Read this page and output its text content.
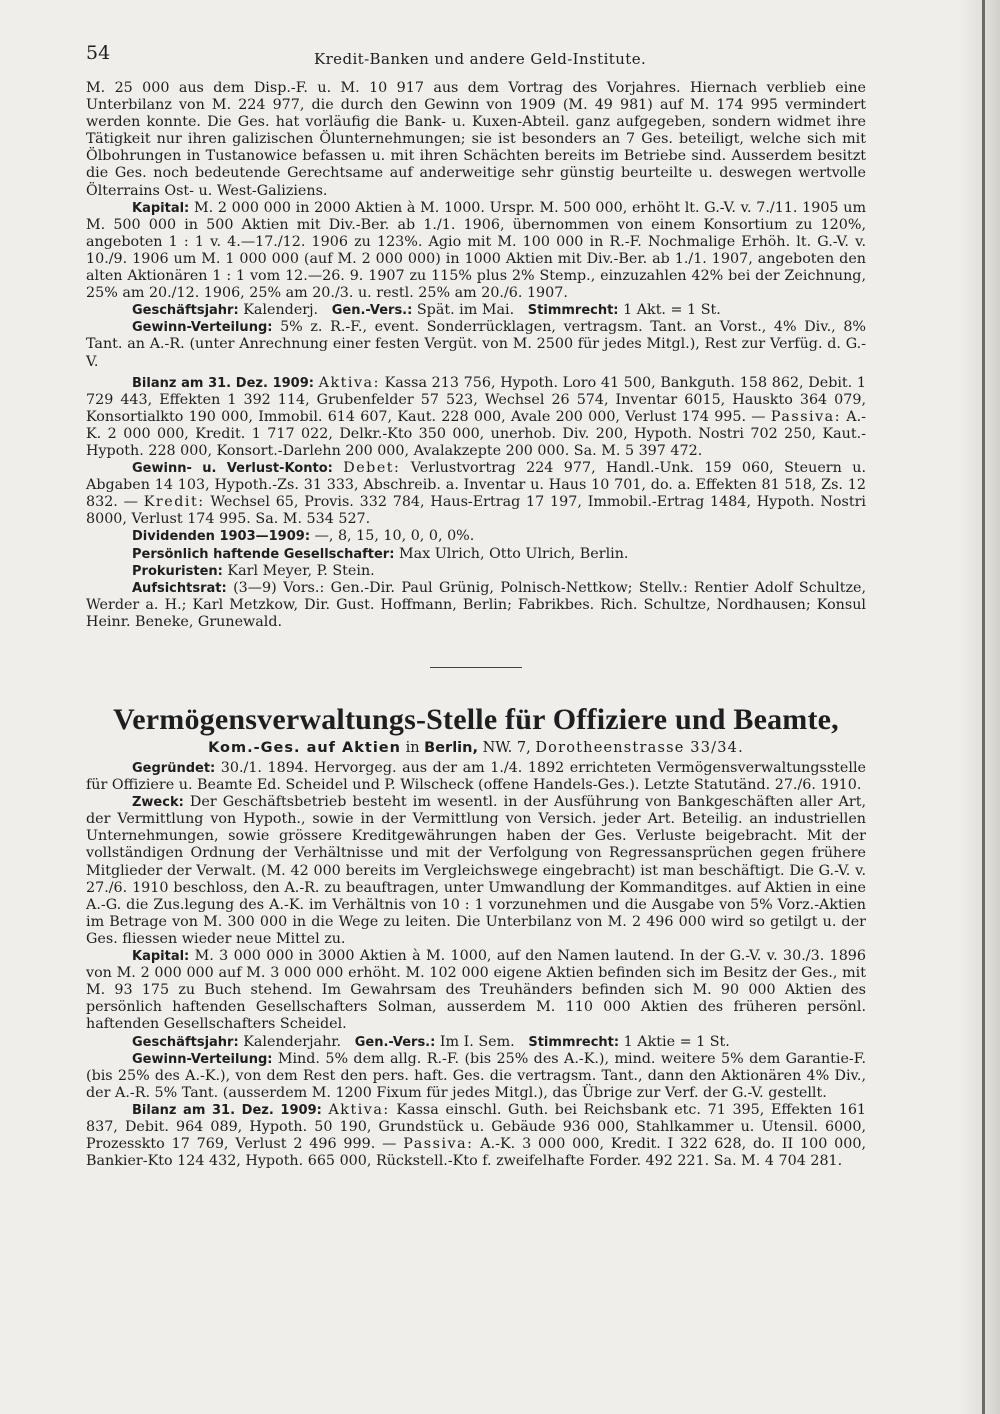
54	Kredit-Banken und andere Geld-Institute.

M. 25 000 aus dem Disp.-F. u. M. 10 917 aus dem Vortrag des Vorjahres. Hiernach verblieb eine Unterbilanz von M. 224 977, die durch den Gewinn von 1909 (M. 49 981) auf M. 174 995 vermindert werden konnte. Die Ges. hat vorläufig die Bank- u. Kuxen-Abteil. ganz aufgegeben, sondern widmet ihre Tätigkeit nur ihren galizischen Ölunternehmungen; sie ist besonders an 7 Ges. beteiligt, welche sich mit Ölbohrungen in Tustanowice befassen u. mit ihren Schächten bereits im Betriebe sind. Ausserdem besitzt die Ges. noch bedeutende Gerechtsame auf anderweitige sehr günstig beurteilte u. deswegen wertvolle Ölterrains Ost- u. West-Galiziens.

Kapital: M. 2 000 000 in 2000 Aktien à M. 1000. Urspr. M. 500 000, erhöht lt. G.-V. v. 7./11. 1905 um M. 500 000 in 500 Aktien mit Div.-Ber. ab 1./1. 1906, übernommen von einem Konsortium zu 120%, angeboten 1 : 1 v. 4.—17./12. 1906 zu 123%. Agio mit M. 100 000 in R.-F. Nochmalige Erhöh. lt. G.-V. v. 10./9. 1906 um M. 1 000 000 (auf M. 2 000 000) in 1000 Aktien mit Div.-Ber. ab 1./1. 1907, angeboten den alten Aktionären 1 : 1 vom 12.—26. 9. 1907 zu 115% plus 2% Stemp., einzuzahlen 42% bei der Zeichnung, 25% am 20./12. 1906, 25% am 20./3. u. restl. 25% am 20./6. 1907.

Geschäftsjahr: Kalenderj. Gen.-Vers.: Spät. im Mai. Stimmrecht: 1 Akt. = 1 St.

Gewinn-Verteilung: 5% z. R.-F., event. Sonderrücklagen, vertragsm. Tant. an Vorst., 4% Div., 8% Tant. an A.-R. (unter Anrechnung einer festen Vergüt. von M. 2500 für jedes Mitgl.), Rest zur Verfüg. d. G.-V.

Bilanz am 31. Dez. 1909: Aktiva: Kassa 213 756, Hypoth. Loro 41 500, Bankguth. 158 862, Debit. 1 729 443, Effekten 1 392 114, Grubenfelder 57 523, Wechsel 26 574, Inventar 6015, Hauskto 364 079, Konsortialkto 190 000, Immobil. 614 607, Kaut. 228 000, Avale 200 000, Verlust 174 995. — Passiva: A.-K. 2 000 000, Kredit. 1 717 022, Delkr.-Kto 350 000, unerhob. Div. 200, Hypoth. Nostri 702 250, Kaut.-Hypoth. 228 000, Konsort.-Darlehn 200 000, Avalakzepte 200 000. Sa. M. 5 397 472.

Gewinn- u. Verlust-Konto: Debet: Verlustvortrag 224 977, Handl.-Unk. 159 060, Steuern u. Abgaben 14 103, Hypoth.-Zs. 31 333, Abschreib. a. Inventar u. Haus 10 701, do. a. Effekten 81 518, Zs. 12 832. — Kredit: Wechsel 65, Provis. 332 784, Haus-Ertrag 17 197, Immobil.-Ertrag 1484, Hypoth. Nostri 8000, Verlust 174 995. Sa. M. 534 527.

Dividenden 1903—1909: —, 8, 15, 10, 0, 0, 0%.

Persönlich haftende Gesellschafter: Max Ulrich, Otto Ulrich, Berlin.

Prokuristen: Karl Meyer, P. Stein.

Aufsichtsrat: (3—9) Vors.: Gen.-Dir. Paul Grünig, Polnisch-Nettkow; Stellv.: Rentier Adolf Schultze, Werder a. H.; Karl Metzkow, Dir. Gust. Hoffmann, Berlin; Fabrikbes. Rich. Schultze, Nordhausen; Konsul Heinr. Beneke, Grunewald.

Vermögensverwaltungs-Stelle für Offiziere und Beamte,

Kom.-Ges. auf Aktien in Berlin, NW. 7, Dorotheenstrasse 33/34.

Gegründet: 30./1. 1894. Hervorgeg. aus der am 1./4. 1892 errichteten Vermögensverwaltungsstelle für Offiziere u. Beamte Ed. Scheidel und P. Wilscheck (offene Handels-Ges.). Letzte Statutänd. 27./6. 1910.

Zweck: Der Geschäftsbetrieb besteht im wesentl. in der Ausführung von Bankgeschäften aller Art, der Vermittlung von Hypoth., sowie in der Vermittlung von Versich. jeder Art. Beteilig. an industriellen Unternehmungen, sowie grössere Kreditgewährungen haben der Ges. Verluste beigebracht. Mit der vollständigen Ordnung der Verhältnisse und mit der Verfolgung von Regressansprüchen gegen frühere Mitglieder der Verwalt. (M. 42 000 bereits im Vergleichswege eingebracht) ist man beschäftigt. Die G.-V. v. 27./6. 1910 beschloss, den A.-R. zu beauftragen, unter Umwandlung der Kommanditges. auf Aktien in eine A.-G. die Zus.legung des A.-K. im Verhältnis von 10 : 1 vorzunehmen und die Ausgabe von 5% Vorz.-Aktien im Betrage von M. 300 000 in die Wege zu leiten. Die Unterbilanz von M. 2 496 000 wird so getilgt u. der Ges. fliessen wieder neue Mittel zu.

Kapital: M. 3 000 000 in 3000 Aktien à M. 1000, auf den Namen lautend. In der G.-V. v. 30./3. 1896 von M. 2 000 000 auf M. 3 000 000 erhöht. M. 102 000 eigene Aktien befinden sich im Besitz der Ges., mit M. 93 175 zu Buch stehend. Im Gewahrsam des Treuhänders befinden sich M. 90 000 Aktien des persönlich haftenden Gesellschafters Solman, ausserdem M. 110 000 Aktien des früheren persönl. haftenden Gesellschafters Scheidel.

Geschäftsjahr: Kalenderjahr. Gen.-Vers.: Im I. Sem. Stimmrecht: 1 Aktie = 1 St.

Gewinn-Verteilung: Mind. 5% dem allg. R.-F. (bis 25% des A.-K.), mind. weitere 5% dem Garantie-F. (bis 25% des A.-K.), von dem Rest den pers. haft. Ges. die vertragsm. Tant., dann den Aktionären 4% Div., der A.-R. 5% Tant. (ausserdem M. 1200 Fixum für jedes Mitgl.), das Übrige zur Verf. der G.-V. gestellt.

Bilanz am 31. Dez. 1909: Aktiva: Kassa einschl. Guth. bei Reichsbank etc. 71 395, Effekten 161 837, Debit. 964 089, Hypoth. 50 190, Grundstück u. Gebäude 936 000, Stahlkammer u. Utensil. 6000, Prozesskto 17 769, Verlust 2 496 999. — Passiva: A.-K. 3 000 000, Kredit. I 322 628, do. II 100 000, Bankier-Kto 124 432, Hypoth. 665 000, Rückstell.-Kto f. zweifelhafte Forder. 492 221. Sa. M. 4 704 281.
